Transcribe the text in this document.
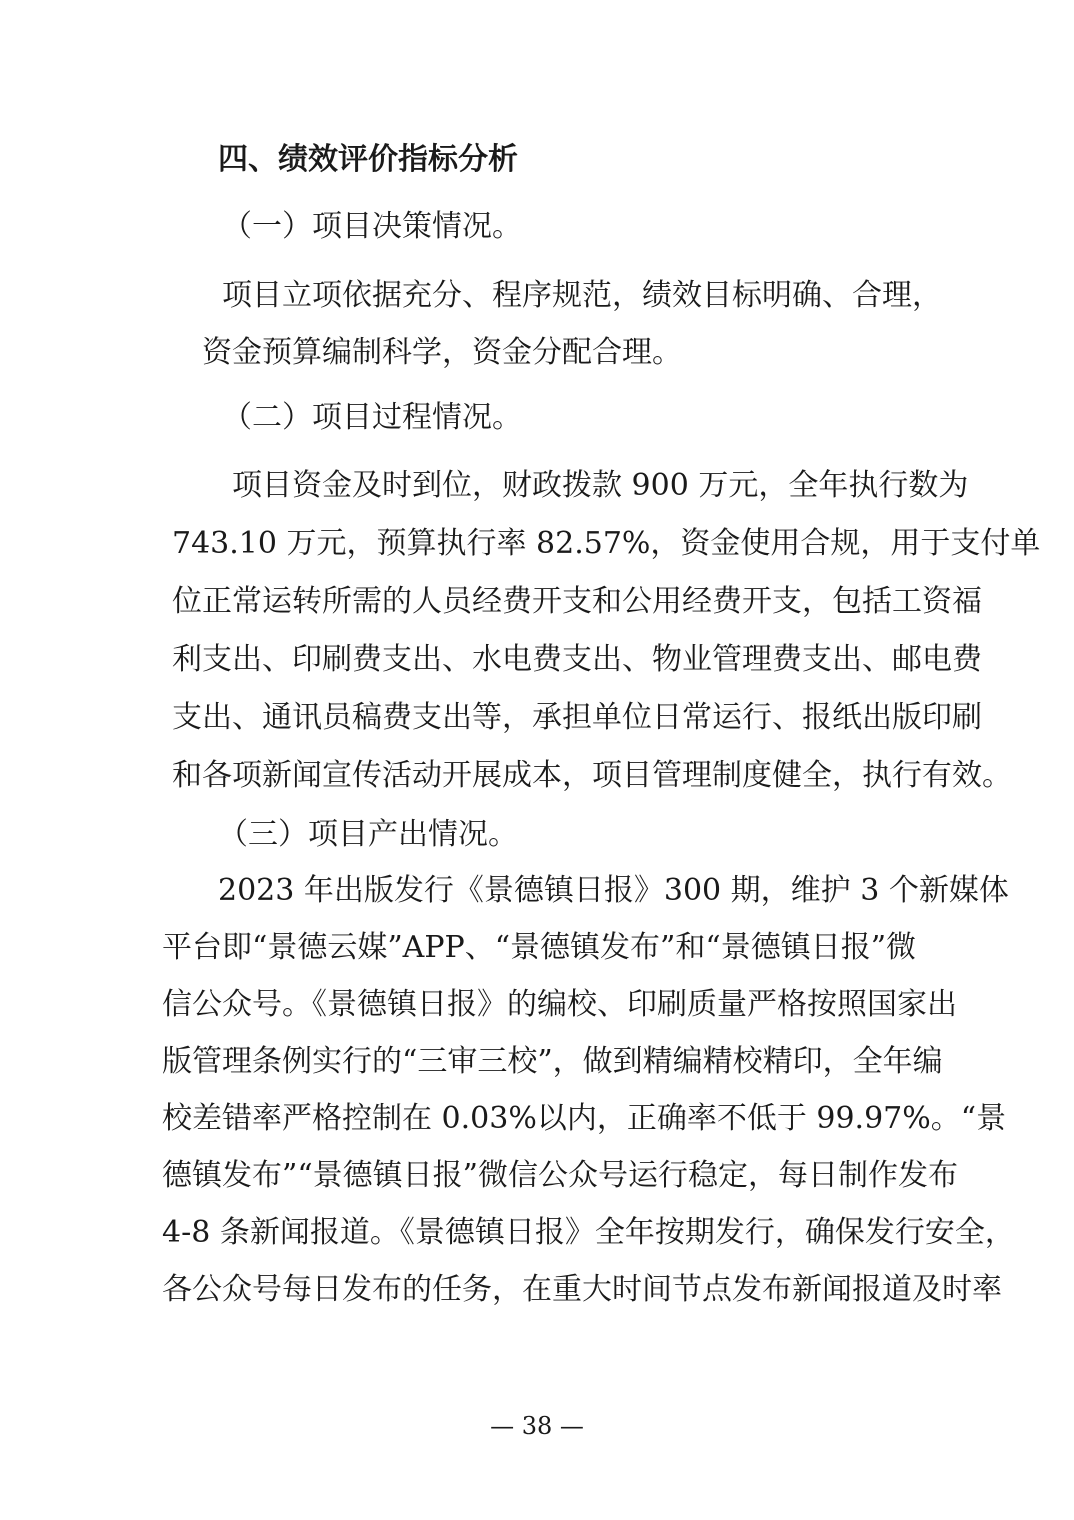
四、绩效评价指标分析
（一）项目决策情况。
项目立项依据充分、程序规范，绩效目标明确、合理，
资金预算编制科学，资金分配合理。
（二）项目过程情况。
项目资金及时到位，财政拨款 900 万元，全年执行数为
743.10 万元，预算执行率 82.57%，资金使用合规，用于支付单
位正常运转所需的人员经费开支和公用经费开支，包括工资福
利支出、印刷费支出、水电费支出、物业管理费支出、邮电费
支出、通讯员稿费支出等，承担单位日常运行、报纸出版印刷
和各项新闻宣传活动开展成本，项目管理制度健全，执行有效。
（三）项目产出情况。
2023 年出版发行《景德镇日报》300 期，维护 3 个新媒体
平台即“景德云媒”APP、“景德镇发布”和“景德镇日报”微
信公众号。《景德镇日报》的编校、印刷质量严格按照国家出
版管理条例实行的“三审三校”，做到精编精校精印，全年编
校差错率严格控制在 0.03%以内，正确率不低于 99.97%。“景
德镇发布”“景德镇日报”微信公众号运行稳定，每日制作发布
4-8 条新闻报道。《景德镇日报》全年按期发行，确保发行安全，
各公众号每日发布的任务，在重大时间节点发布新闻报道及时率
— 38 —
